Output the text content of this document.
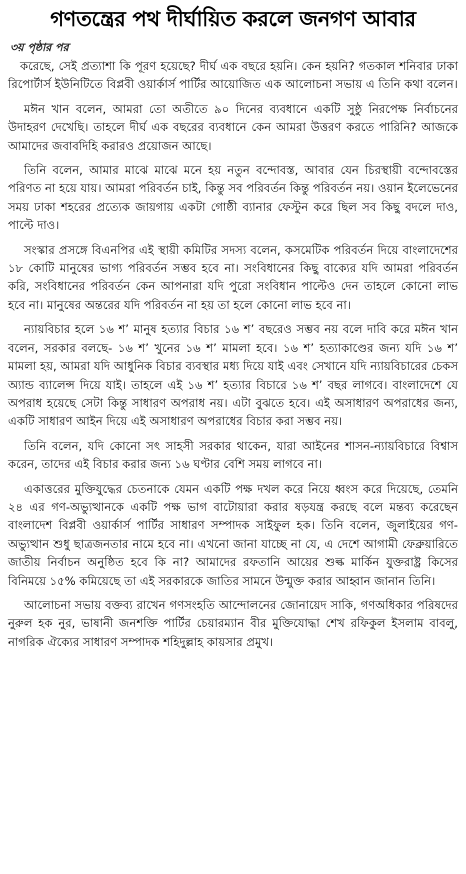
গণতন্ত্রের পথ দীর্ঘায়িত করলে জনগণ আবার
৩য় পৃষ্ঠার পর

করেছে, সেই প্রত্যাশা কি পূরণ হয়েছে? দীর্ঘ এক বছরে হয়নি। কেন হয়নি? গতকাল শনিবার ঢাকা রিপোর্টার্স ইউনিটিতে বিপ্লবী ওয়ার্কার্স পার্টির আয়োজিত এক আলোচনা সভায় এ তিনি কথা বলেন।

মঈন খান বলেন, আমরা তো অতীতে ৯০ দিনের ব্যবধানে একটি সুষ্ঠু নিরপেক্ষ নির্বাচনের উদাহরণ দেখেছি। তাহলে দীর্ঘ এক বছরের ব্যবধানে কেন আমরা উত্তরণ করতে পারিনি? আজকে আমাদের জবাবদিহি করারও প্রয়োজন আছে।

তিনি বলেন, আমার মাঝে মাঝে মনে হয় নতুন বন্দোবস্ত, আবার যেন চিরস্থায়ী বন্দোবস্তের পরিণত না হয়ে যায়। আমরা পরিবর্তন চাই, কিন্তু সব পরিবর্তন কিন্তু পরিবর্তন নয়। ওয়ান ইলেভেনের সময় ঢাকা শহরের প্রত্যেক জায়গায় একটা গোষ্ঠী ব্যানার ফেস্টুন করে ছিল সব কিছু বদলে দাও, পাল্টে দাও।

সংস্কার প্রসঙ্গে বিএনপির এই স্থায়ী কমিটির সদস্য বলেন, কসমেটিক পরিবর্তন দিয়ে বাংলাদেশের ১৮ কোটি মানুষের ভাগ্য পরিবর্তন সম্ভব হবে না। সংবিধানের কিছু বাক্যের যদি আমরা পরিবর্তন করি, সংবিধানের পরিবর্তন কেন আপনারা যদি পুরো সংবিধান পাল্টেও দেন তাহলে কোনো লাভ হবে না। মানুষের অন্তরের যদি পরিবর্তন না হয় তা হলে কোনো লাভ হবে না।

ন্যায়বিচার হলে ১৬ শ’ মানুষ হত্যার বিচার ১৬ শ’ বছরেও সম্ভব নয় বলে দাবি করে মঈন খান বলেন, সরকার বলছে- ১৬ শ’ খুনের ১৬ শ’ মামলা হবে। ১৬ শ’ হত্যাকাণ্ডের জন্য যদি ১৬ শ’ মামলা হয়, আমরা যদি আধুনিক বিচার ব্যবস্থার মধ্য দিয়ে যাই এবং সেখানে যদি ন্যায়বিচারের চেকস অ্যান্ড ব্যালেন্স দিয়ে যাই। তাহলে এই ১৬ শ’ হত্যার বিচারে ১৬ শ’ বছর লাগবে। বাংলাদেশে যে অপরাধ হয়েছে সেটা কিন্তু সাধারণ অপরাধ নয়। এটা বুঝতে হবে। এই অসাধারণ অপরাধের জন্য, একটি সাধারণ আইন দিয়ে এই অসাধারণ অপরাধের বিচার করা সম্ভব নয়।

তিনি বলেন, যদি কোনো সৎ সাহসী সরকার থাকেন, যারা আইনের শাসন-ন্যায়বিচারে বিশ্বাস করেন, তাদের এই বিচার করার জন্য ১৬ ঘণ্টার বেশি সময় লাগবে না।

একাত্তরের মুক্তিযুদ্ধের চেতনাকে যেমন একটি পক্ষ দখল করে নিয়ে ধ্বংস করে দিয়েছে, তেমনি ২৪ এর গণ-অভ্যুত্থানকে একটি পক্ষ ভাগ বাটোয়ারা করার ষড়যন্ত্র করছে বলে মন্তব্য করেছেন বাংলাদেশ বিপ্লবী ওয়ার্কার্স পার্টির সাধারণ সম্পাদক সাইফুল হক। তিনি বলেন, জুলাইয়ের গণ-অভ্যুত্থান শুধু ছাত্রজনতার নামে হবে না। এখনো জানা যাচ্ছে না যে, এ দেশে আগামী ফেব্রুয়ারিতে জাতীয় নির্বাচন অনুষ্ঠিত হবে কি না? আমাদের রফতানি আয়ের শুল্ক মার্কিন যুক্তরাষ্ট্র কিসের বিনিময়ে ১৫% কমিয়েছে তা এই সরকারকে জাতির সামনে উন্মুক্ত করার আহ্বান জানান তিনি।

আলোচনা সভায় বক্তব্য রাখেন গণসংহতি আন্দোলনের জোনায়েদ সাকি, গণঅধিকার পরিষদের নুরুল হক নুর, ভাষানী জনশক্তি পার্টির চেয়ারম্যান বীর মুক্তিযোদ্ধা শেখ রফিকুল ইসলাম বাবলু, নাগরিক ঐক্যের সাধারণ সম্পাদক শহিদুল্লাহ কায়সার প্রমুখ।
